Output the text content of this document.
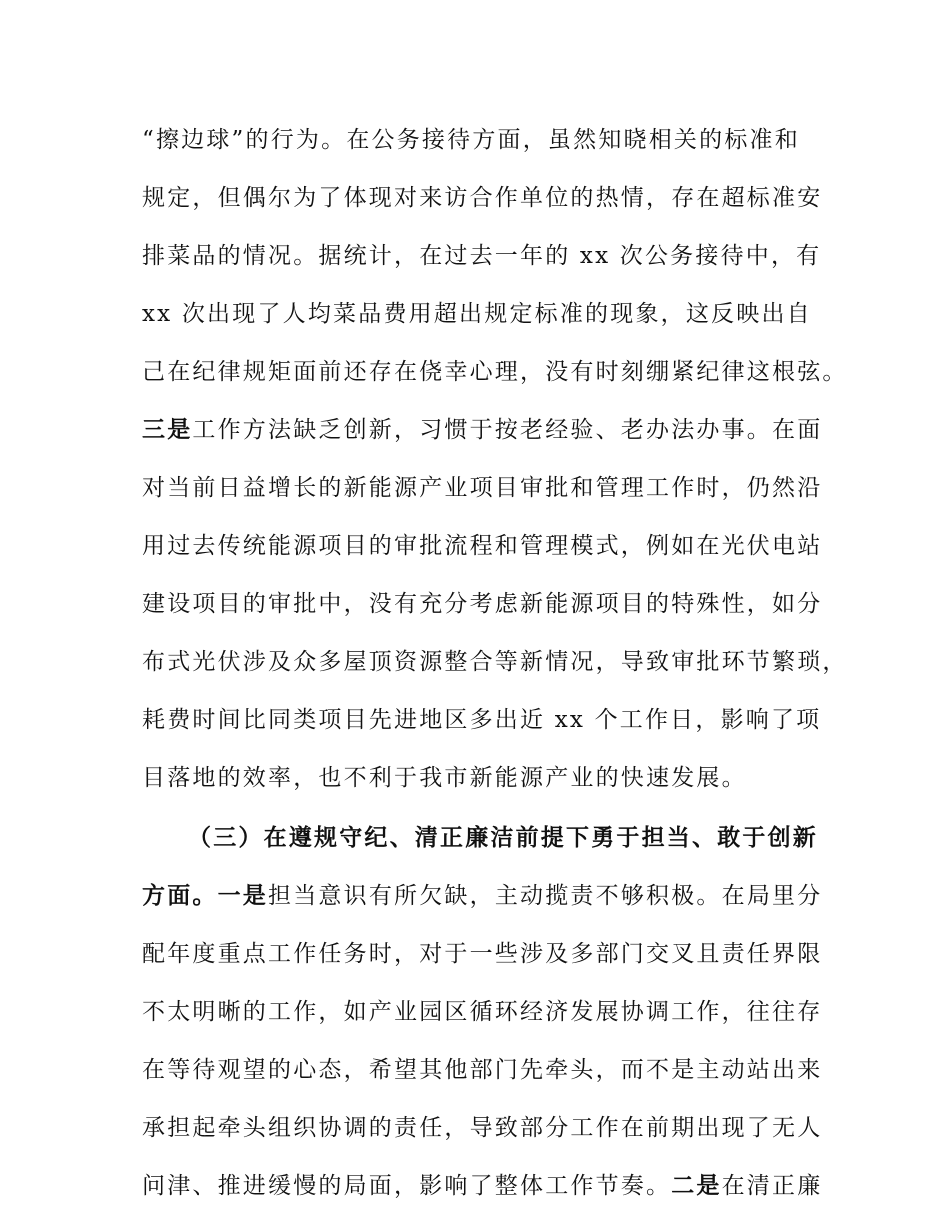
“擦边球”的行为。在公务接待方面，虽然知晓相关的标准和
规定，但偶尔为了体现对来访合作单位的热情，存在超标准安
排菜品的情况。据统计，在过去一年的 xx 次公务接待中，有
xx 次出现了人均菜品费用超出规定标准的现象，这反映出自
己在纪律规矩面前还存在侥幸心理，没有时刻绷紧纪律这根弦。
三是工作方法缺乏创新，习惯于按老经验、老办法办事。在面
对当前日益增长的新能源产业项目审批和管理工作时，仍然沿
用过去传统能源项目的审批流程和管理模式，例如在光伏电站
建设项目的审批中，没有充分考虑新能源项目的特殊性，如分
布式光伏涉及众多屋顶资源整合等新情况，导致审批环节繁琐，
耗费时间比同类项目先进地区多出近 xx 个工作日，影响了项
目落地的效率，也不利于我市新能源产业的快速发展。
（三）在遵规守纪、清正廉洁前提下勇于担当、敢于创新
方面。一是担当意识有所欠缺，主动揽责不够积极。在局里分
配年度重点工作任务时，对于一些涉及多部门交叉且责任界限
不太明晰的工作，如产业园区循环经济发展协调工作，往往存
在等待观望的心态，希望其他部门先牵头，而不是主动站出来
承担起牵头组织协调的责任，导致部分工作在前期出现了无人
问津、推进缓慢的局面，影响了整体工作节奏。二是在清正廉
